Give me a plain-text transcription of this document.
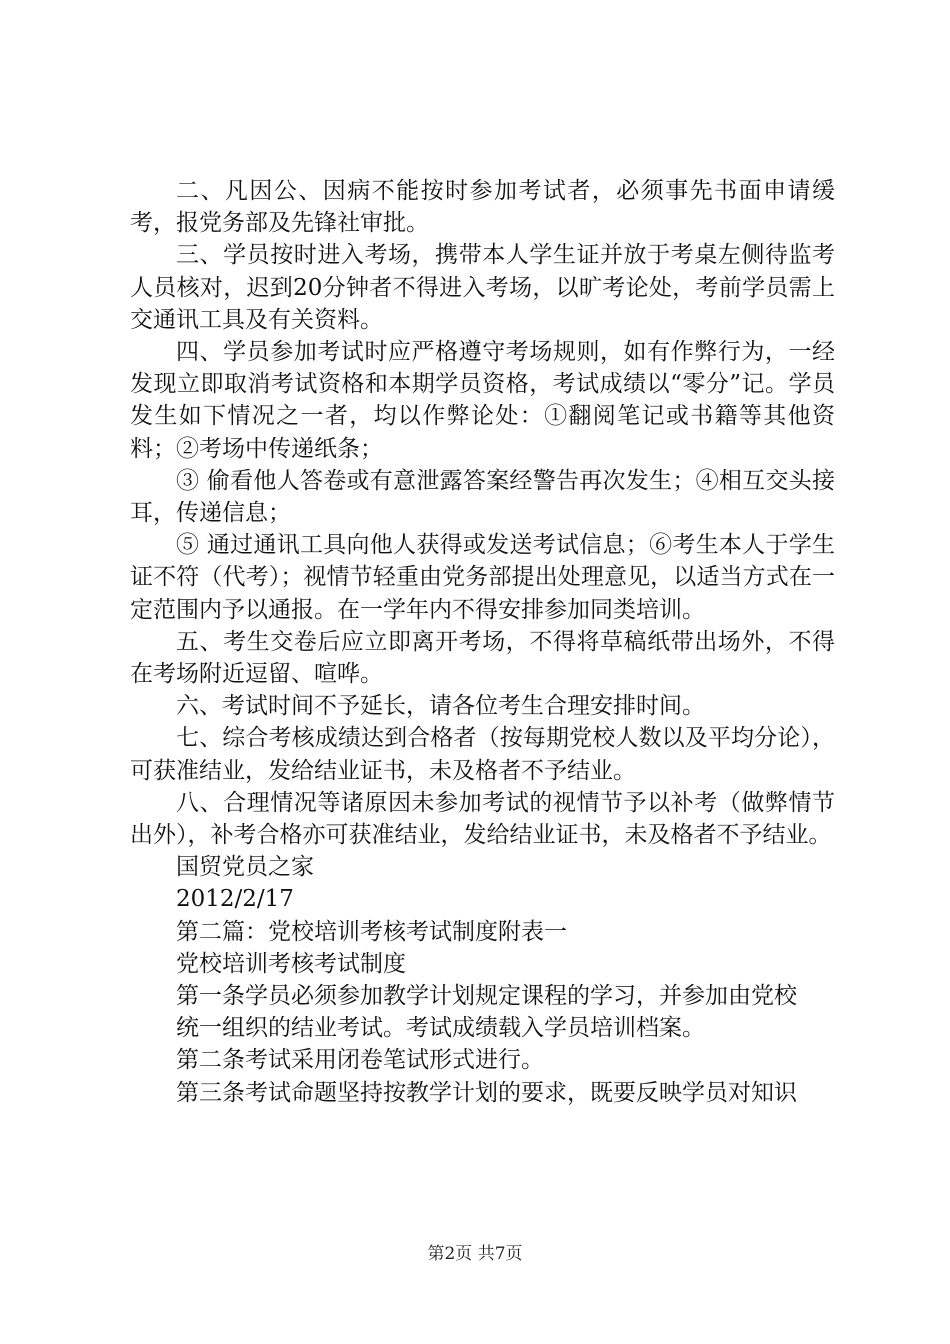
二、凡因公、因病不能按时参加考试者，必须事先书面申请缓考，报党务部及先锋社审批。

三、学员按时进入考场，携带本人学生证并放于考桌左侧待监考人员核对，迟到20分钟者不得进入考场，以旷考论处，考前学员需上交通讯工具及有关资料。

四、学员参加考试时应严格遵守考场规则，如有作弊行为，一经发现立即取消考试资格和本期学员资格，考试成绩以“零分”记。学员发生如下情况之一者，均以作弊论处：①翻阅笔记或书籍等其他资料；②考场中传递纸条；

③ 偷看他人答卷或有意泄露答案经警告再次发生；④相互交头接耳，传递信息；

⑤ 通过通讯工具向他人获得或发送考试信息；⑥考生本人于学生证不符（代考）；视情节轻重由党务部提出处理意见，以适当方式在一定范围内予以通报。在一学年内不得安排参加同类培训。

五、考生交卷后应立即离开考场，不得将草稿纸带出场外，不得在考场附近逗留、喧哗。

六、考试时间不予延长，请各位考生合理安排时间。

七、综合考核成绩达到合格者（按每期党校人数以及平均分论），可获准结业，发给结业证书，未及格者不予结业。

八、合理情况等诸原因未参加考试的视情节予以补考（做弊情节出外），补考合格亦可获准结业，发给结业证书，未及格者不予结业。

国贸党员之家

2012/2/17

第二篇：党校培训考核考试制度附表一

党校培训考核考试制度

第一条学员必须参加教学计划规定课程的学习，并参加由党校

统一组织的结业考试。考试成绩载入学员培训档案。

第二条考试采用闭卷笔试形式进行。

第三条考试命题坚持按教学计划的要求，既要反映学员对知识

第2页 共7页
